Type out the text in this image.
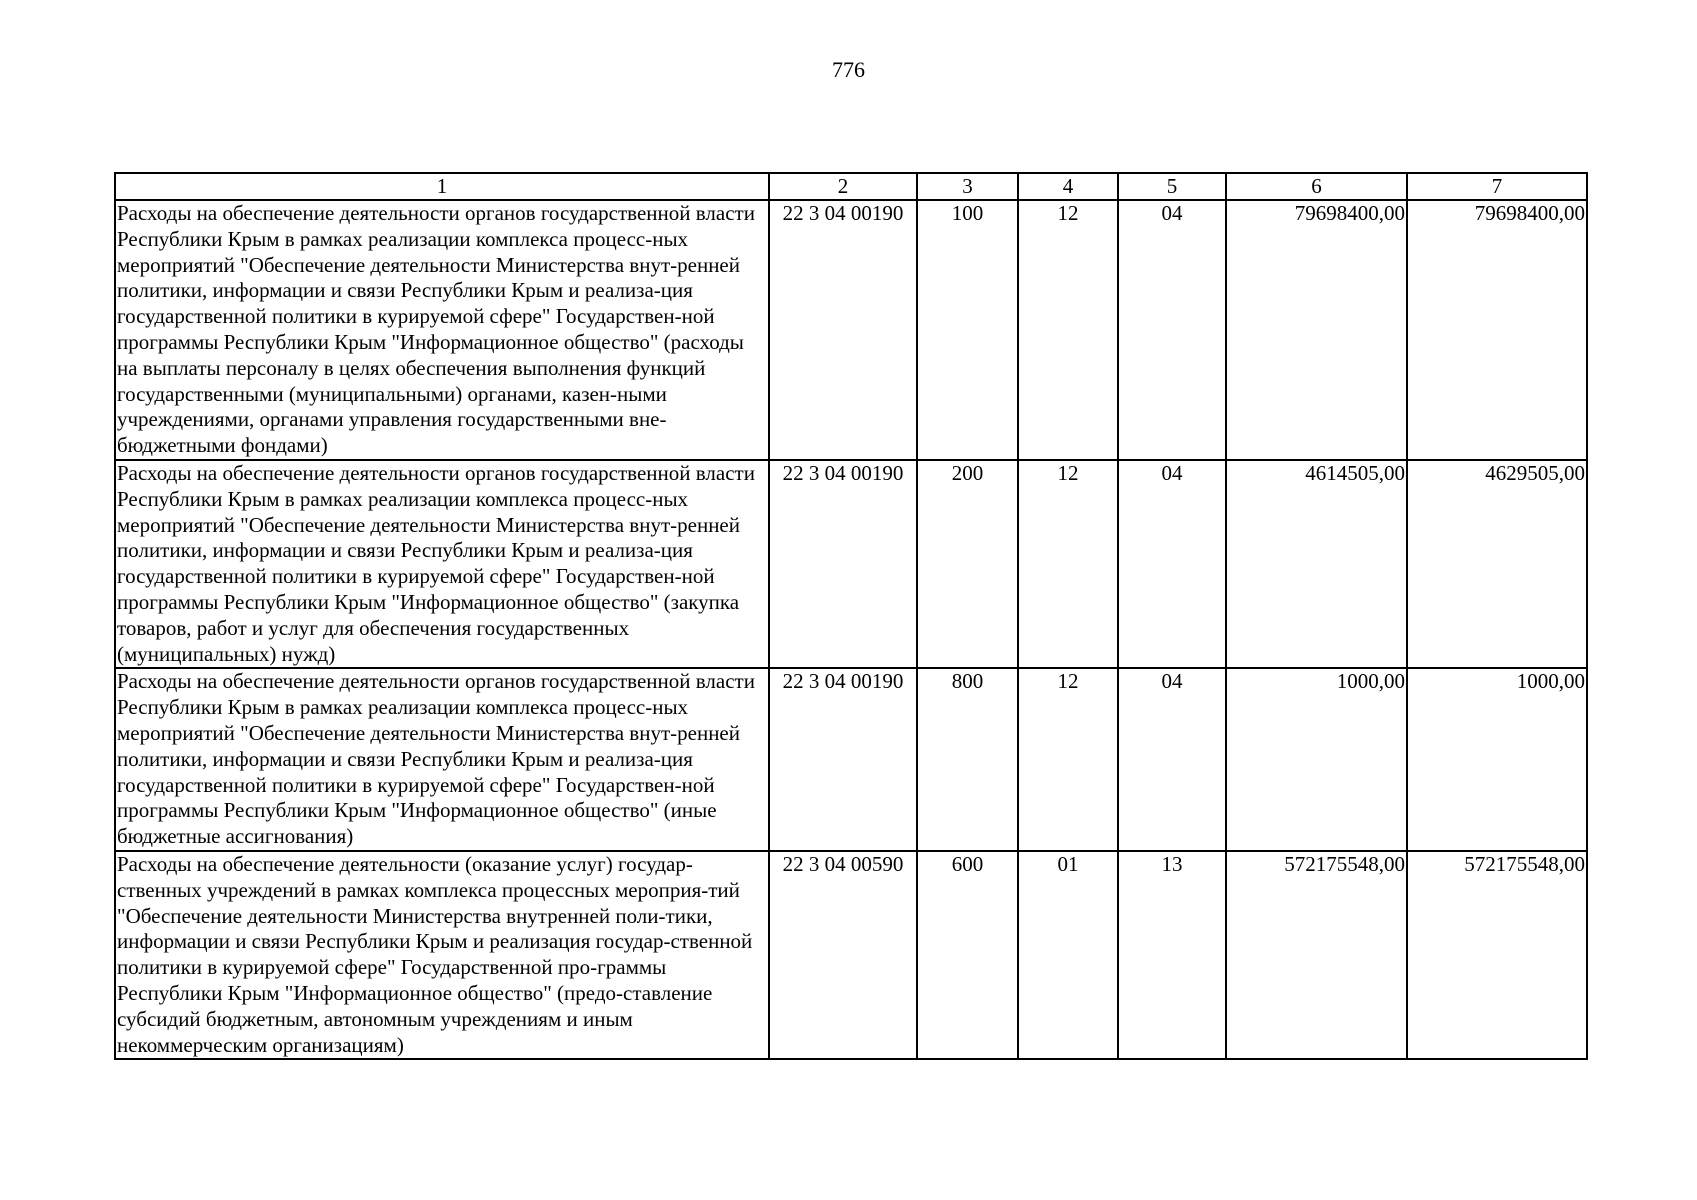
776
1	2	3	4	5	6	7
Расходы на обеспечение деятельности органов государственной власти Республики Крым в рамках реализации комплекса процесс-ных мероприятий "Обеспечение деятельности Министерства внут-ренней политики, информации и связи Республики Крым и реализа-ция государственной политики в курируемой сфере" Государствен-ной программы Республики Крым "Информационное общество" (расходы на выплаты персоналу в целях обеспечения выполнения функций государственными (муниципальными) органами, казен-ными учреждениями, органами управления государственными вне-бюджетными фондами)	22 3 04 00190	100	12	04	79698400,00	79698400,00
Расходы на обеспечение деятельности органов государственной власти Республики Крым в рамках реализации комплекса процесс-ных мероприятий "Обеспечение деятельности Министерства внут-ренней политики, информации и связи Республики Крым и реализа-ция государственной политики в курируемой сфере" Государствен-ной программы Республики Крым "Информационное общество" (закупка товаров, работ и услуг для обеспечения государственных (муниципальных) нужд)	22 3 04 00190	200	12	04	4614505,00	4629505,00
Расходы на обеспечение деятельности органов государственной власти Республики Крым в рамках реализации комплекса процесс-ных мероприятий "Обеспечение деятельности Министерства внут-ренней политики, информации и связи Республики Крым и реализа-ция государственной политики в курируемой сфере" Государствен-ной программы Республики Крым "Информационное общество" (иные бюджетные ассигнования)	22 3 04 00190	800	12	04	1000,00	1000,00
Расходы на обеспечение деятельности (оказание услуг) государ-ственных учреждений в рамках комплекса процессных мероприя-тий "Обеспечение деятельности Министерства внутренней поли-тики, информации и связи Республики Крым и реализация государ-ственной политики в курируемой сфере" Государственной про-граммы Республики Крым "Информационное общество" (предо-ставление субсидий бюджетным, автономным учреждениям и иным некоммерческим организациям)	22 3 04 00590	600	01	13	572175548,00	572175548,00
